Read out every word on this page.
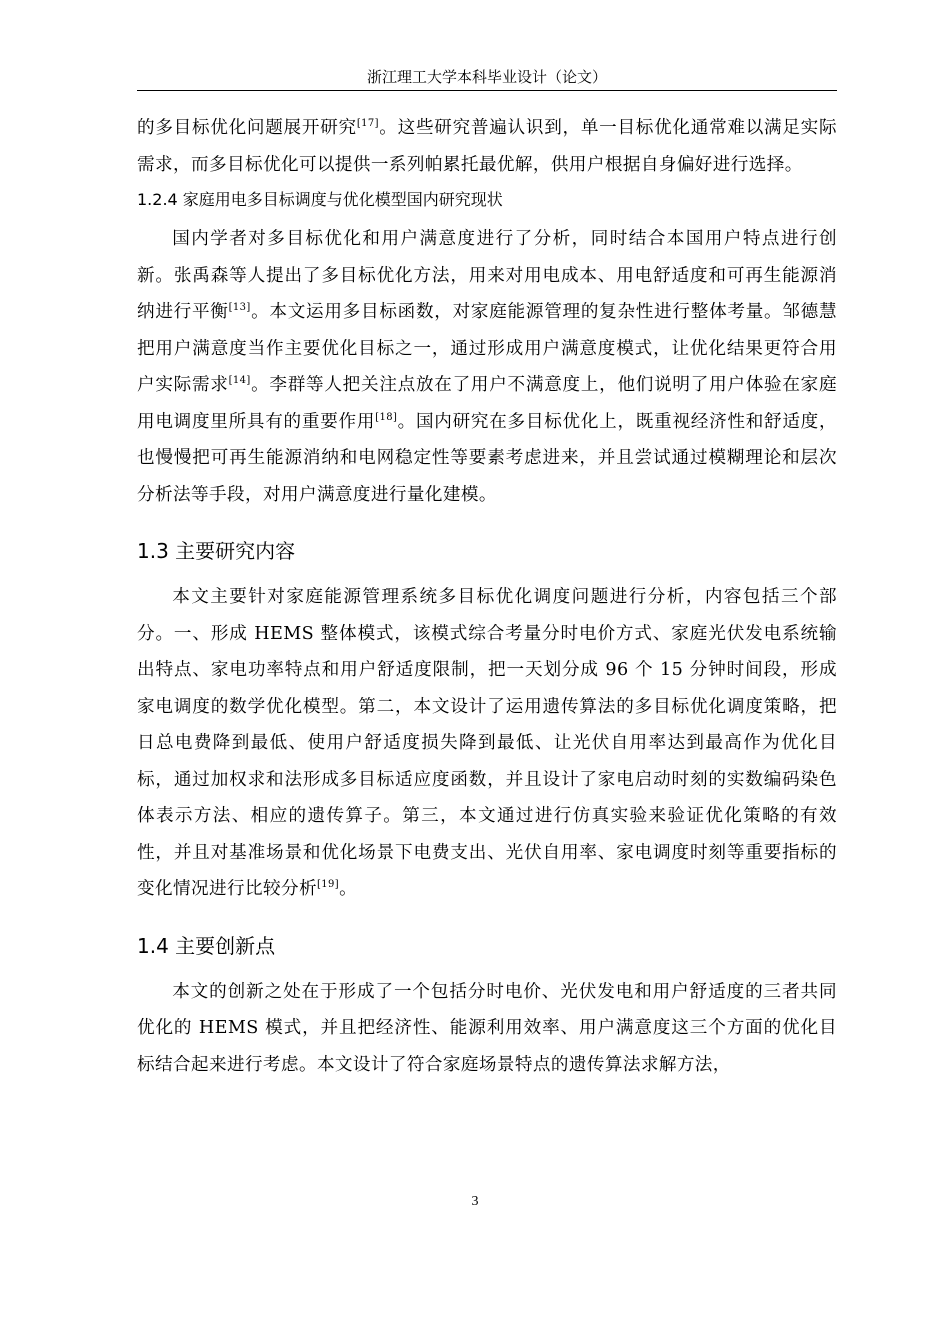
浙江理工大学本科毕业设计（论文）

的多目标优化问题展开研究[17]。这些研究普遍认识到，单一目标优化通常难以满足实际需求，而多目标优化可以提供一系列帕累托最优解，供用户根据自身偏好进行选择。

1.2.4 家庭用电多目标调度与优化模型国内研究现状

国内学者对多目标优化和用户满意度进行了分析，同时结合本国用户特点进行创新。张禹森等人提出了多目标优化方法，用来对用电成本、用电舒适度和可再生能源消纳进行平衡[13]。本文运用多目标函数，对家庭能源管理的复杂性进行整体考量。邹德慧把用户满意度当作主要优化目标之一，通过形成用户满意度模式，让优化结果更符合用户实际需求[14]。李群等人把关注点放在了用户不满意度上，他们说明了用户体验在家庭用电调度里所具有的重要作用[18]。国内研究在多目标优化上，既重视经济性和舒适度，也慢慢把可再生能源消纳和电网稳定性等要素考虑进来，并且尝试通过模糊理论和层次分析法等手段，对用户满意度进行量化建模。

1.3 主要研究内容

本文主要针对家庭能源管理系统多目标优化调度问题进行分析，内容包括三个部分。一、形成 HEMS 整体模式，该模式综合考量分时电价方式、家庭光伏发电系统输出特点、家电功率特点和用户舒适度限制，把一天划分成 96 个 15 分钟时间段，形成家电调度的数学优化模型。第二，本文设计了运用遗传算法的多目标优化调度策略，把日总电费降到最低、使用户舒适度损失降到最低、让光伏自用率达到最高作为优化目标，通过加权求和法形成多目标适应度函数，并且设计了家电启动时刻的实数编码染色体表示方法、相应的遗传算子。第三，本文通过进行仿真实验来验证优化策略的有效性，并且对基准场景和优化场景下电费支出、光伏自用率、家电调度时刻等重要指标的变化情况进行比较分析[19]。

1.4 主要创新点

本文的创新之处在于形成了一个包括分时电价、光伏发电和用户舒适度的三者共同优化的 HEMS 模式，并且把经济性、能源利用效率、用户满意度这三个方面的优化目标结合起来进行考虑。本文设计了符合家庭场景特点的遗传算法求解方法，

3
